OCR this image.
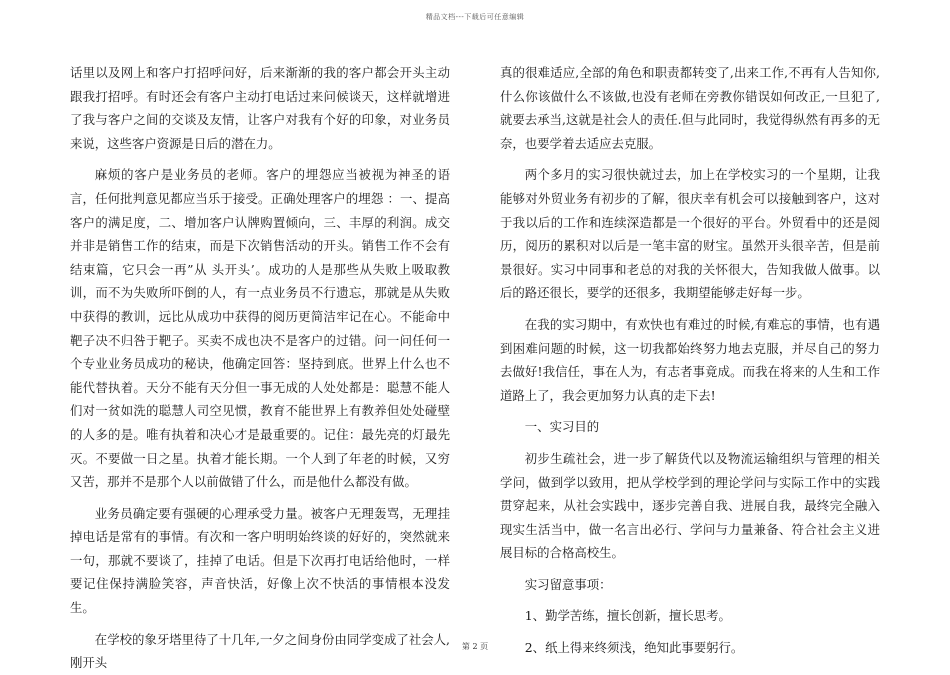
精品文档---下载后可任意编辑

话里以及网上和客户打招呼问好，后来渐渐的我的客户都会开头主动跟我打招呼。有时还会有客户主动打电话过来问候谈天，这样就增进了我与客户之间的交谈及友情，让客户对我有个好的印象，对业务员来说，这些客户资源是日后的潜在力。

麻烦的客户是业务员的老师。客户的埋怨应当被视为神圣的语言，任何批判意见都应当乐于接受。正确处理客户的埋怨 ：一、提高客户的满足度，二、增加客户认牌购置倾向，三、丰厚的利润。成交并非是销售工作的结束，而是下次销售活动的开头。销售工作不会有结束篇，它只会一再”从 头开头’。成功的人是那些从失败上吸取教训，而不为失败所吓倒的人，有一点业务员不行遗忘，那就是从失败中获得的教训，远比从成功中获得的阅历更简洁牢记在心。不能命中靶子决不归咎于靶子。买卖不成也决不是客户的过错。问一问任何一个专业业务员成功的秘诀，他确定回答：坚持到底。世界上什么也不能代替执着。天分不能有天分但一事无成的人处处都是：聪慧不能人们对一贫如洗的聪慧人司空见惯，教育不能世界上有教养但处处碰壁的人多的是。唯有执着和决心才是最重要的。记住：最先亮的灯最先灭。不要做一日之星。执着才能长期。一个人到了年老的时候，又穷又苦，那并不是那个人以前做错了什么，而是他什么都没有做。

业务员确定要有强硬的心理承受力量。被客户无理轰骂，无理挂掉电话是常有的事情。有次和一客户明明始终谈的好好的，突然就来一句，那就不要谈了，挂掉了电话。但是下次再打电话给他时，一样要记住保持满脸笑容，声音快活，好像上次不快活的事情根本没发生。

在学校的象牙塔里待了十几年,一夕之间身份由同学变成了社会人,刚开头

真的很难适应,全部的角色和职责都转变了,出来工作,不再有人告知你,什么你该做什么不该做,也没有老师在旁教你错误如何改正,一旦犯了,就要去承当,这就是社会人的责任.但与此同时，我觉得纵然有再多的无奈，也要学着去适应去克服。

两个多月的实习很快就过去，加上在学校实习的一个星期，让我能够对外贸业务有初步的了解，很庆幸有机会可以接触到客户，这对于我以后的工作和连续深造都是一个很好的平台。外贸看中的还是阅历，阅历的累积对以后是一笔丰富的财宝。虽然开头很辛苦，但是前景很好。实习中同事和老总的对我的关怀很大，告知我做人做事。以后的路还很长，要学的还很多，我期望能够走好每一步。

在我的实习期中，有欢快也有难过的时候,有难忘的事情，也有遇到困难问题的时候，这一切我都始终努力地去克服，并尽自己的努力去做好!我信任，事在人为，有志者事竟成。而我在将来的人生和工作道路上了，我会更加努力认真的走下去!

一、实习目的

初步生疏社会，进一步了解货代以及物流运输组织与管理的相关学问，做到学以致用，把从学校学到的理论学问与实际工作中的实践贯穿起来，从社会实践中，逐步完善自我、进展自我，最终完全融入现实生活当中，做一名言出必行、学问与力量兼备、符合社会主义进展目标的合格高校生。

实习留意事项：

1、勤学苦练，擅长创新，擅长思考。

2、纸上得来终须浅，绝知此事要躬行。

第 2 页
